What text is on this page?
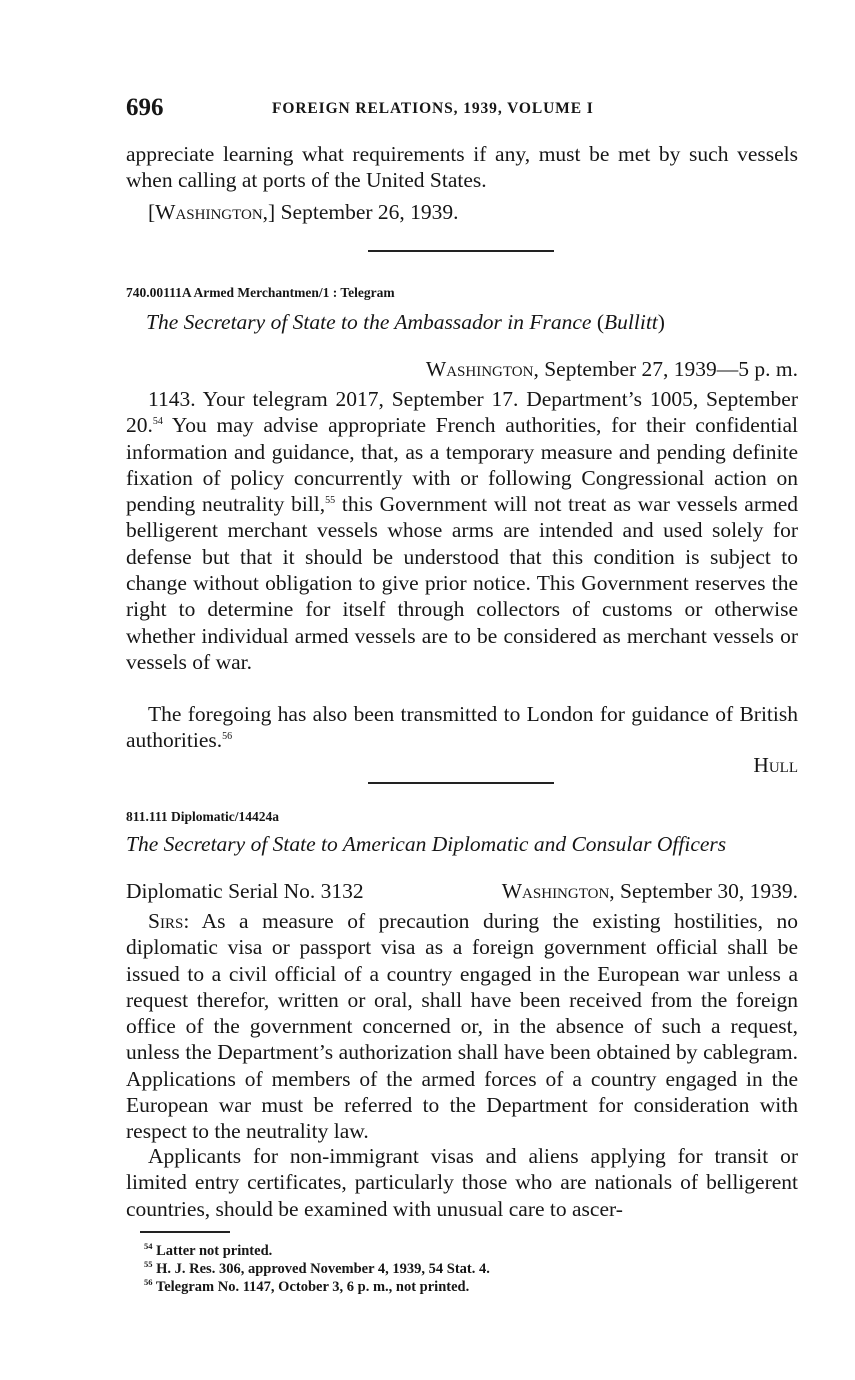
696	FOREIGN RELATIONS, 1939, VOLUME I

appreciate learning what requirements if any, must be met by such vessels when calling at ports of the United States.

[Washington,] September 26, 1939.

740.00111A Armed Merchantmen/1 : Telegram
The Secretary of State to the Ambassador in France (Bullitt)
Washington, September 27, 1939—5 p. m.

1143. Your telegram 2017, September 17. Department’s 1005, September 20.54 You may advise appropriate French authorities, for their confidential information and guidance, that, as a temporary measure and pending definite fixation of policy concurrently with or following Congressional action on pending neutrality bill,$^{55}$ this Government will not treat as war vessels armed belligerent merchant vessels whose arms are intended and used solely for defense but that it should be understood that this condition is subject to change without obligation to give prior notice. This Government reserves the right to determine for itself through collectors of customs or otherwise whether individual armed vessels are to be considered as merchant vessels or vessels of war.

The foregoing has also been transmitted to London for guidance of British authorities.$^{56}$

Hull
811.111 Diplomatic/14424a
The Secretary of State to American Diplomatic and Consular Officers
Diplomatic Serial No. 3132	Washington, September 30, 1939.

Sirs: As a measure of precaution during the existing hostilities, no diplomatic visa or passport visa as a foreign government official shall be issued to a civil official of a country engaged in the European war unless a request therefor, written or oral, shall have been received from the foreign office of the government concerned or, in the absence of such a request, unless the Department’s authorization shall have been obtained by cablegram. Applications of members of the armed forces of a country engaged in the European war must be referred to the Department for consideration with respect to the neutrality law.

Applicants for non-immigrant visas and aliens applying for transit or limited entry certificates, particularly those who are nationals of belligerent countries, should be examined with unusual care to ascer-

$^{54}$ Latter not printed.
$^{55}$ H. J. Res. 306, approved November 4, 1939, 54 Stat. 4.
$^{56}$ Telegram No. 1147, October 3, 6 p. m., not printed.
